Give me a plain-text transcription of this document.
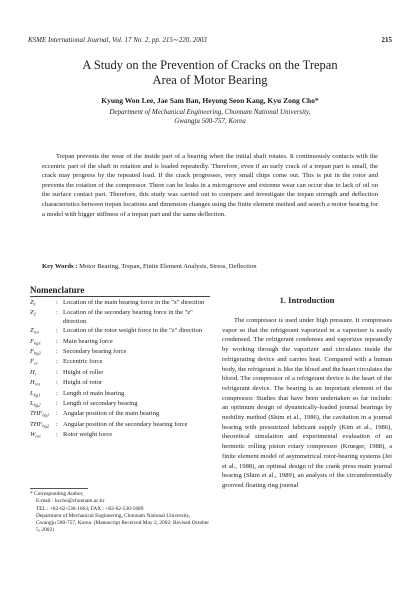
KSME International Journal, Vol. 17 No. 2, pp. 215∼220, 2003	215
A Study on the Prevention of Cracks on the Trepan
Area of Motor Bearing
Kyung Won Lee, Jae Sam Ban, Heyong Seon Kang, Kyu Zong Cho*
Department of Mechanical Engineering, Chonnam National University,
Gwangju 500-757, Korea

Trepan prevents the wear of the inside part of a bearing when the initial shaft rotates. It continuously contacts with the eccentric part of the shaft in rotation and is loaded repeatedly. Therefore, even if an early crack of a trepan part is small, the crack may progress by the repeated load. If the crack progresses, very small chips come out. This is put in the rotor and prevents the rotation of the compressor. There can be leaks in a microgroove and extreme wear can occur due to lack of oil on the surface contact part. Therefore, this study was carried out to compare and investigate the trepan strength and deflection characteristics between trepan locations and dimension changes using the finite element method and search a motor bearing for a model with bigger stiffness of a trepan part and the same deflection.

Key Words : Motor Bearing, Trepan, Finite Element Analysis, Stress, Deflection

Nomenclature
$Z_1$	: Location of the main bearing force in the "z" direction
$Z_2$	: Location of the secondary bearing force in the "z" direction
$Z_{rot}$	: Location of the rotor weight force in the "z" direction
$F_{bg1}$	: Main bearing force
$F_{bg2}$	: Secondary bearing force
$F_{ec}$	: Eccentric force
$H_r$	: Height of roller
$H_{rot}$	: Height of rotor
$L_{bg1}$	: Length of main bearing
$L_{bg2}$	: Length of secondary bearing
$THF_{bg1}$	: Angular position of the main bearing
$THF_{bg2}$	: Angular position of the secondary bearing force
$W_{rot}$	: Rotor weight force
* Corresponding Author,
E-mail : kzcho@chonnam.ac.kr
TEL : +82-62-530-1663; FAX : +82-62-530-1689
Department of Mechanical Engineering, Chonnam National University, Gwangju 500-757, Korea. (Manuscript Received May 2, 2002; Revised October 5, 2002)
1. Introduction

The compressor is used under high pressure. It compresses vapor so that the refrigerant vaporized in a vaporizer is easily condensed. The refrigerant condenses and vaporizes repeatedly by working through the vaporizer and circulates inside the refrigerating device and carries heat. Compared with a human body, the refrigerant is like the blood and the heart circulates the blood. The compressor of a refrigerant device is the heart of the refrigerant device. The bearing is an important element of the compressor. Studies that have been undertaken so far include: an optimum design of dynamically-loaded journal bearings by mobility method (Shim et al., 1986), the cavitation in a journal bearing with pressurized lubricant supply (Kim et al., 1986), theoretical simulation and experimental evaluation of an hermetic rolling piston rotary compressor (Krueger, 1988), a finite element model of asymmetrical rotor-bearing systems (Jei et al., 1988), an optimal design of the crank press main journal bearing (Shim et al., 1989), an analysis of the circumferentially grooved floating ring journal
